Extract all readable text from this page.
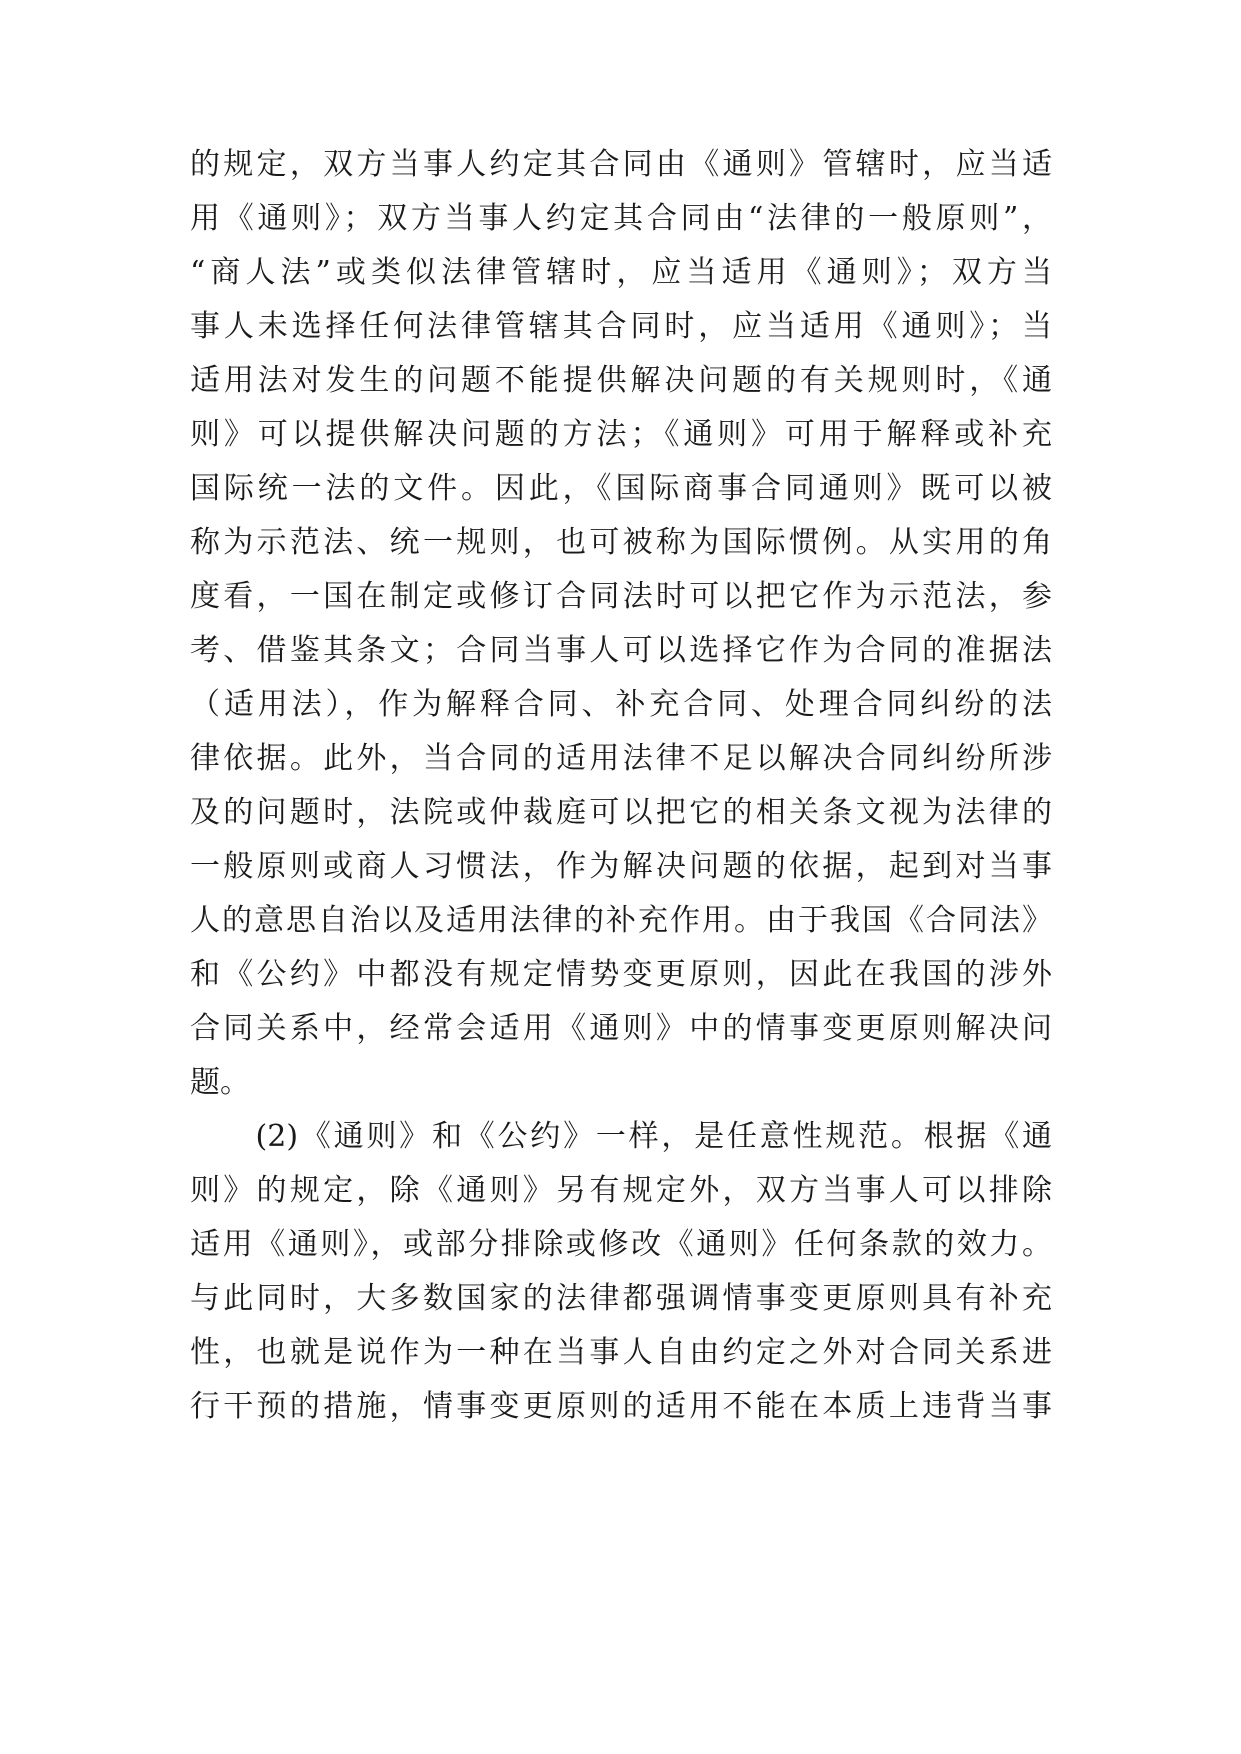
的规定，双方当事人约定其合同由《通则》管辖时，应当适
用《通则》；双方当事人约定其合同由“法律的一般原则”，
“商人法”或类似法律管辖时，应当适用《通则》；双方当
事人未选择任何法律管辖其合同时，应当适用《通则》；当
适用法对发生的问题不能提供解决问题的有关规则时，《通
则》可以提供解决问题的方法；《通则》可用于解释或补充
国际统一法的文件。因此，《国际商事合同通则》既可以被
称为示范法、统一规则，也可被称为国际惯例。从实用的角
度看，一国在制定或修订合同法时可以把它作为示范法，参
考、借鉴其条文；合同当事人可以选择它作为合同的准据法
（适用法），作为解释合同、补充合同、处理合同纠纷的法
律依据。此外，当合同的适用法律不足以解决合同纠纷所涉
及的问题时，法院或仲裁庭可以把它的相关条文视为法律的
一般原则或商人习惯法，作为解决问题的依据，起到对当事
人的意思自治以及适用法律的补充作用。由于我国《合同法》
和《公约》中都没有规定情势变更原则，因此在我国的涉外
合同关系中，经常会适用《通则》中的情事变更原则解决问
题。
　　(2)《通则》和《公约》一样，是任意性规范。根据《通
则》的规定，除《通则》另有规定外，双方当事人可以排除
适用《通则》，或部分排除或修改《通则》任何条款的效力。
与此同时，大多数国家的法律都强调情事变更原则具有补充
性，也就是说作为一种在当事人自由约定之外对合同关系进
行干预的措施，情事变更原则的适用不能在本质上违背当事
